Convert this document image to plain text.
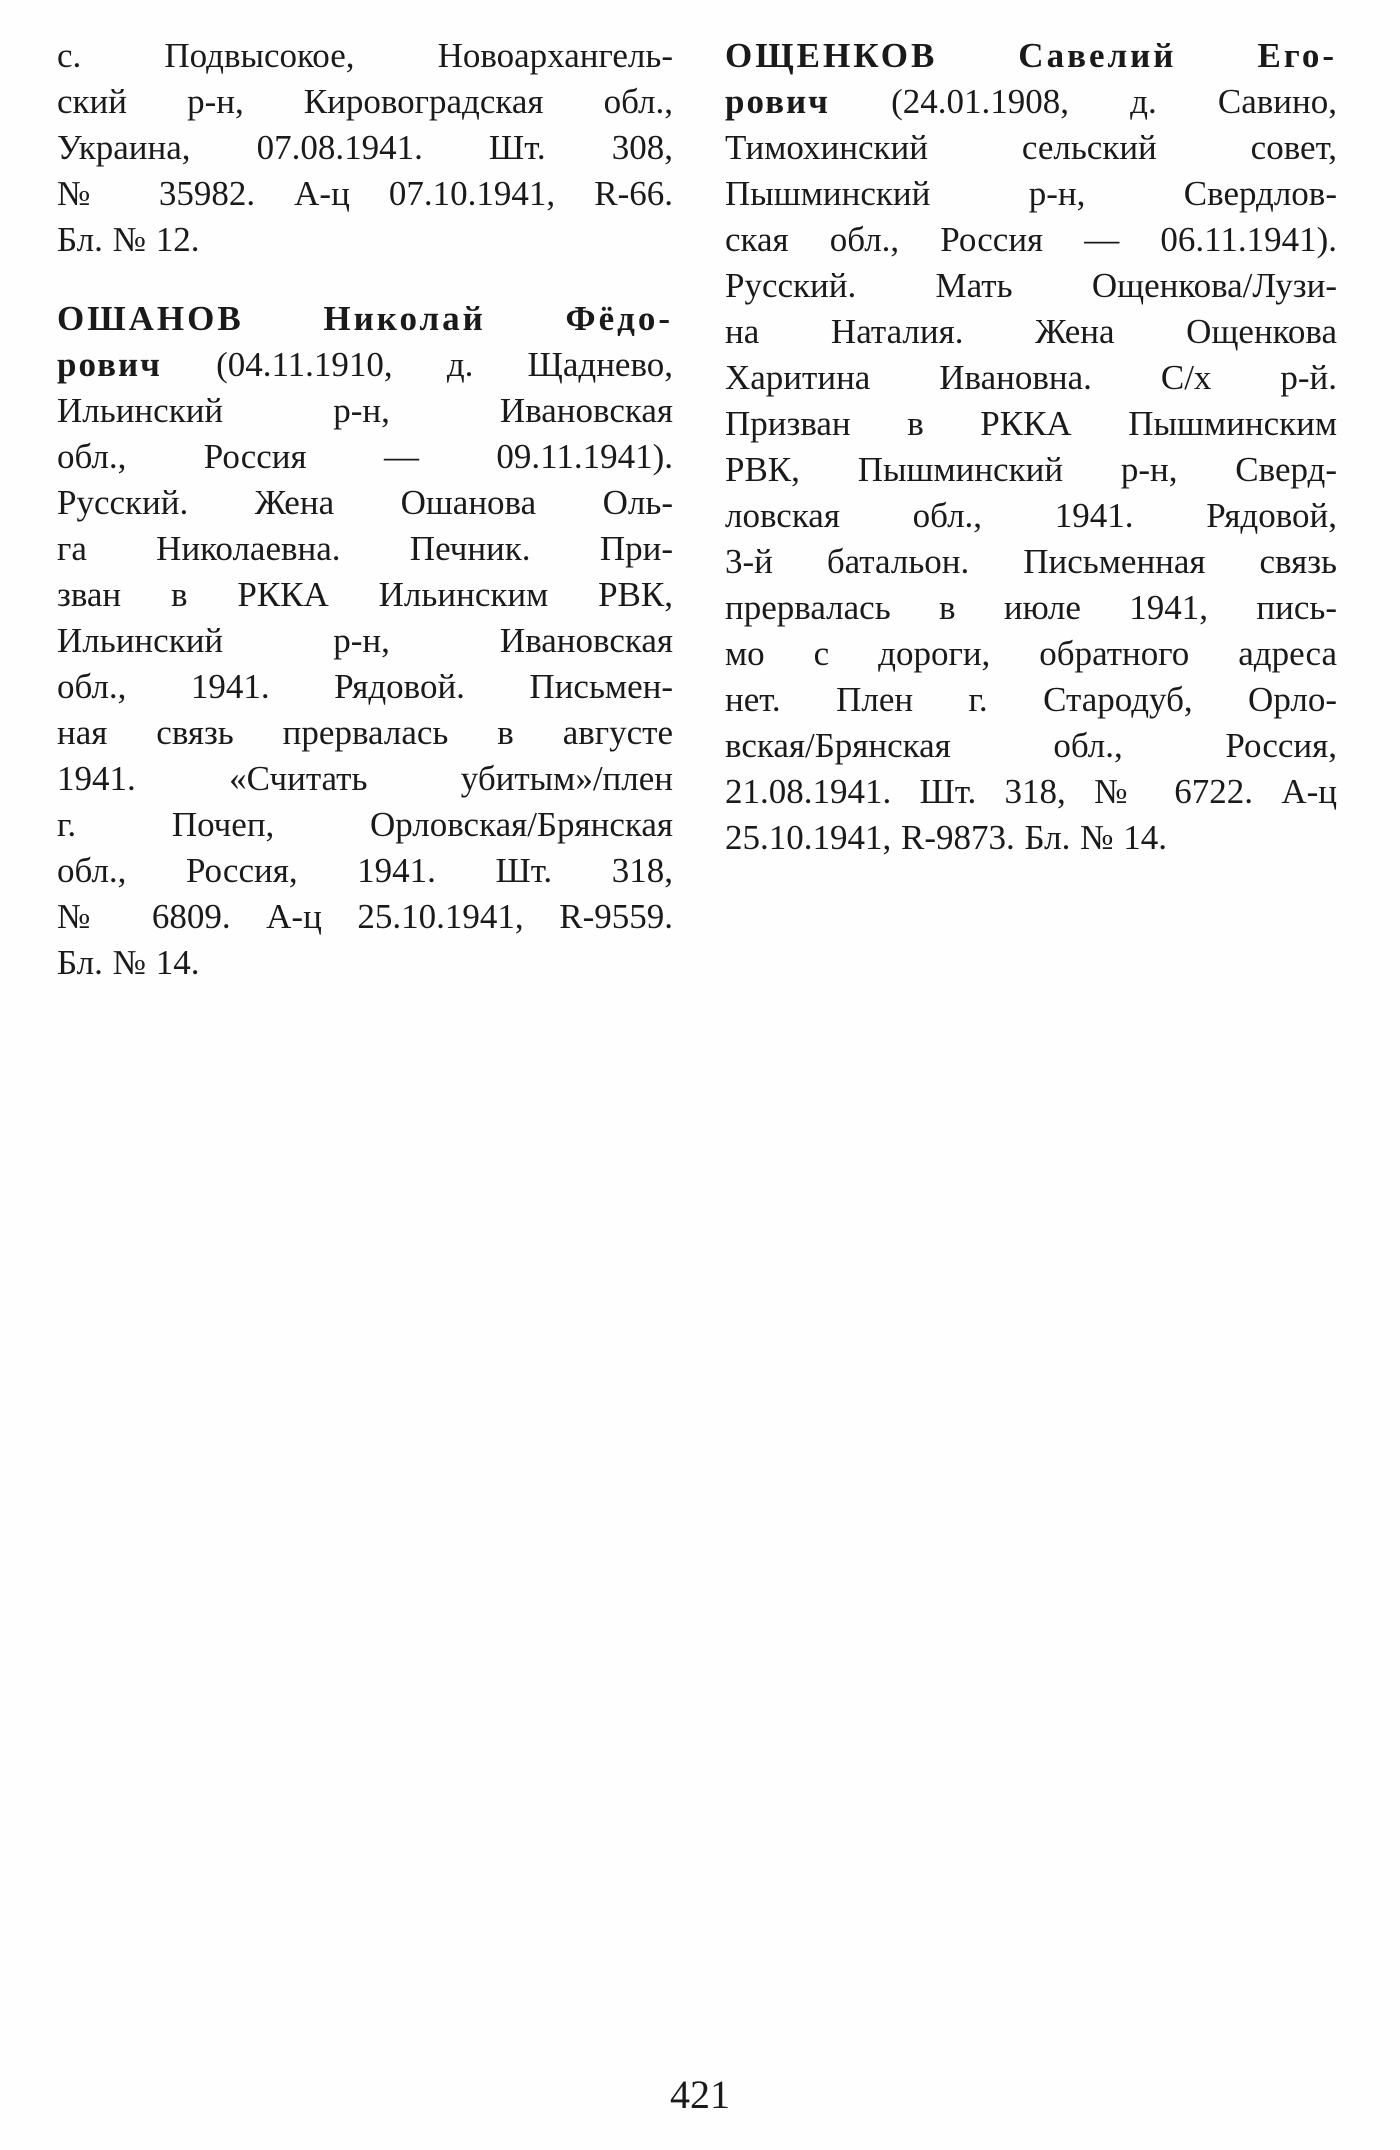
с. Подвысокое, Новоархангель-
ский р-н, Кировоградская обл.,
Украина, 07.08.1941. Шт. 308,
№ 35982. А-ц 07.10.1941, R-66.
Бл. № 12.
ОШАНОВ Николай Фёдо-
рович (04.11.1910, д. Щаднево,
Ильинский р-н, Ивановская
обл., Россия — 09.11.1941).
Русский. Жена Ошанова Оль-
га Николаевна. Печник. При-
зван в РККА Ильинским РВК,
Ильинский р-н, Ивановская
обл., 1941. Рядовой. Письмен-
ная связь прервалась в августе
1941. «Считать убитым»/плен
г. Почеп, Орловская/Брянская
обл., Россия, 1941. Шт. 318,
№ 6809. А-ц 25.10.1941, R-9559.
Бл. № 14.
ОЩЕНКОВ Савелий Его-
рович (24.01.1908, д. Савино,
Тимохинский сельский совет,
Пышминский р-н, Свердлов-
ская обл., Россия — 06.11.1941).
Русский. Мать Ощенкова/Лузи-
на Наталия. Жена Ощенкова
Харитина Ивановна. С/х р-й.
Призван в РККА Пышминским
РВК, Пышминский р-н, Сверд-
ловская обл., 1941. Рядовой,
3-й батальон. Письменная связь
прервалась в июле 1941, пись-
мо с дороги, обратного адреса
нет. Плен г. Стародуб, Орло-
вская/Брянская обл., Россия,
21.08.1941. Шт. 318, № 6722. А-ц
25.10.1941, R-9873. Бл. № 14.
421
